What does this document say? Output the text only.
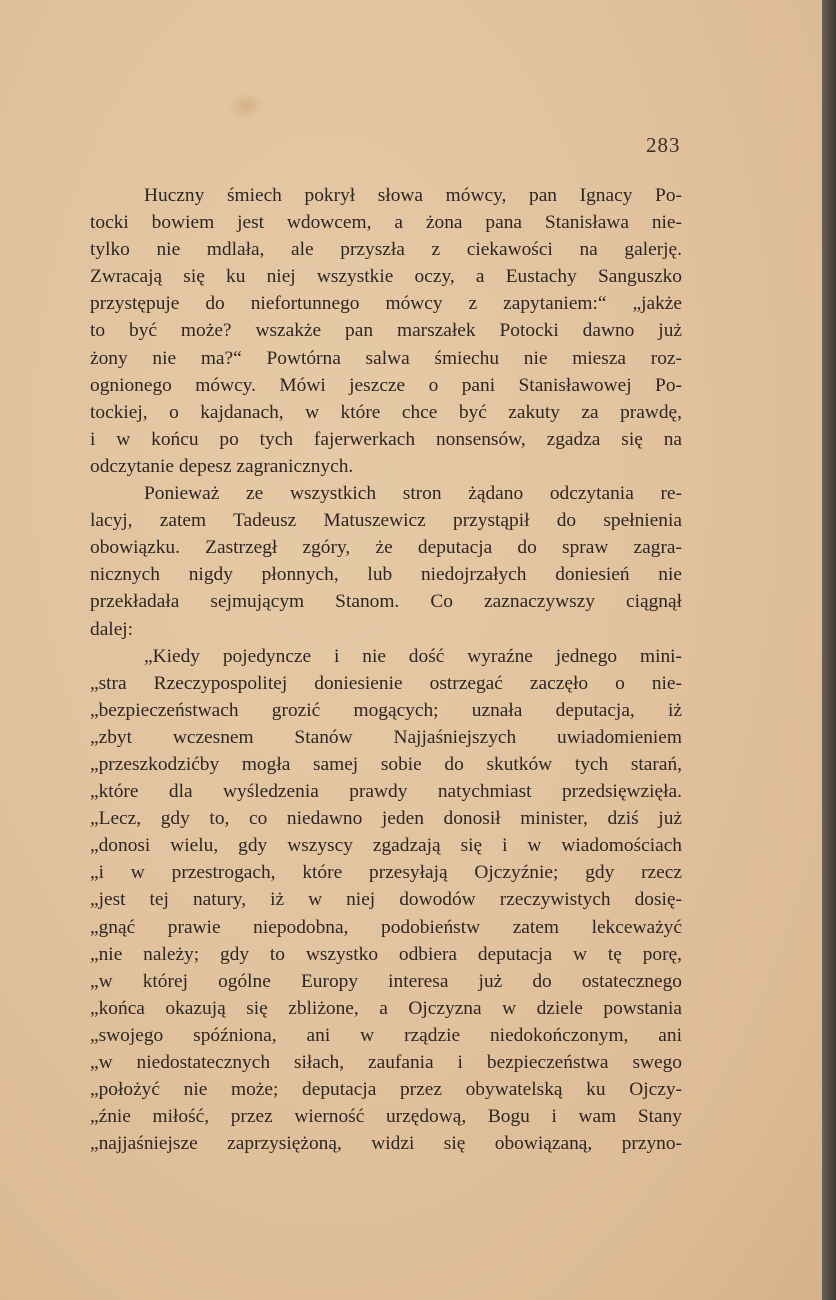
283
Huczny śmiech pokrył słowa mówcy, pan Ignacy Po-
tocki bowiem jest wdowcem, a żona pana Stanisława nie-
tylko nie mdlała, ale przyszła z ciekawości na galerję.
Zwracają się ku niej wszystkie oczy, a Eustachy Sanguszko
przystępuje do niefortunnego mówcy z zapytaniem:“ „jakże
to być może? wszakże pan marszałek Potocki dawno już
żony nie ma?“ Powtórna salwa śmiechu nie miesza roz-
ognionego mówcy. Mówi jeszcze o pani Stanisławowej Po-
tockiej, o kajdanach, w które chce być zakuty za prawdę,
i w końcu po tych fajerwerkach nonsensów, zgadza się na
odczytanie depesz zagranicznych.
Ponieważ ze wszystkich stron żądano odczytania re-
lacyj, zatem Tadeusz Matuszewicz przystąpił do spełnienia
obowiązku. Zastrzegł zgóry, że deputacja do spraw zagra-
nicznych nigdy płonnych, lub niedojrzałych doniesień nie
przekładała sejmującym Stanom. Co zaznaczywszy ciągnął
dalej:
„Kiedy pojedyncze i nie dość wyraźne jednego mini-
„stra Rzeczypospolitej doniesienie ostrzegać zaczęło o nie-
„bezpieczeństwach grozić mogących; uznała deputacja, iż
„zbyt wczesnem Stanów Najjaśniejszych uwiadomieniem
„przeszkodzićby mogła samej sobie do skutków tych starań,
„które dla wyśledzenia prawdy natychmiast przedsięwzięła.
„Lecz, gdy to, co niedawno jeden donosił minister, dziś już
„donosi wielu, gdy wszyscy zgadzają się i w wiadomościach
„i w przestrogach, które przesyłają Ojczyźnie; gdy rzecz
„jest tej natury, iż w niej dowodów rzeczywistych dosię-
„gnąć prawie niepodobna, podobieństw zatem lekceważyć
„nie należy; gdy to wszystko odbiera deputacja w tę porę,
„w której ogólne Europy interesa już do ostatecznego
„końca okazują się zbliżone, a Ojczyzna w dziele powstania
„swojego spóźniona, ani w rządzie niedokończonym, ani
„w niedostatecznych siłach, zaufania i bezpieczeństwa swego
„położyć nie może; deputacja przez obywatelską ku Ojczy-
„źnie miłość, przez wierność urzędową, Bogu i wam Stany
„najjaśniejsze zaprzysiężoną, widzi się obowiązaną, przyno-
